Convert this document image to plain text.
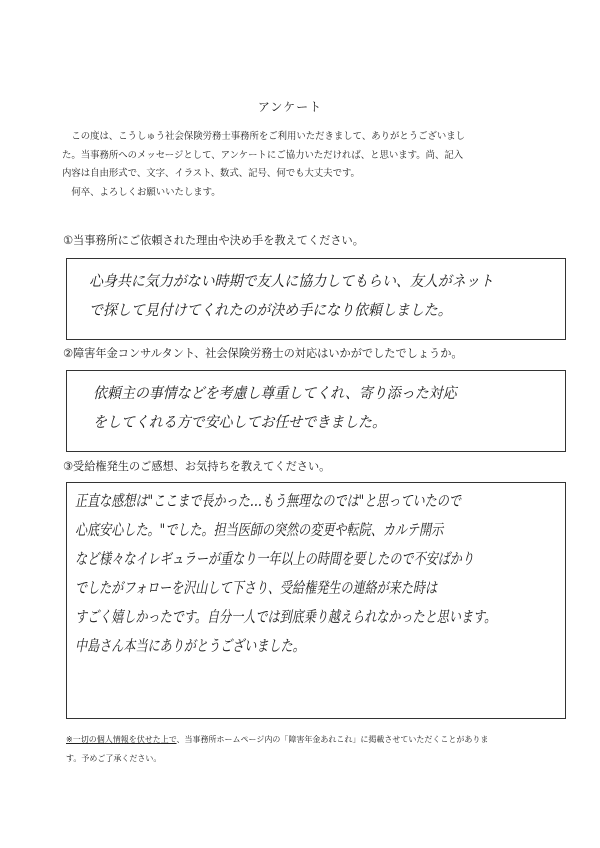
アンケート

この度は、こうしゅう社会保険労務士事務所をご利用いただきまして、ありがとうございまし

た。当事務所へのメッセージとして、アンケートにご協力いただければ、と思います。尚、記入

内容は自由形式で、文字、イラスト、数式、記号、何でも大丈夫です。

何卒、よろしくお願いいたします。

①当事務所にご依頼された理由や決め手を教えてください。
心身共に気力がない時期で友人に協力してもらい、友人がネット
で探して見付けてくれたのが決め手になり依頼しました。
②障害年金コンサルタント、社会保険労務士の対応はいかがでしたでしょうか。
依頼主の事情などを考慮し尊重してくれ、寄り添った対応
をしてくれる方で安心してお任せできました。
③受給権発生のご感想、お気持ちを教えてください。
正直な感想は"ここまで長かった…もう無理なのでは"と思っていたので
心底安心した。"でした。担当医師の突然の変更や転院、カルテ開示
など様々なイレギュラーが重なり一年以上の時間を要したので不安ばかり
でしたがフォローを沢山して下さり、受給権発生の連絡が来た時は
すごく嬉しかったです。自分一人では到底乗り越えられなかったと思います。
中島さん本当にありがとうございました。

※一切の個人情報を伏せた上で、当事務所ホームページ内の「障害年金あれこれ」に掲載させていただくことがありま

す。予めご了承ください。
